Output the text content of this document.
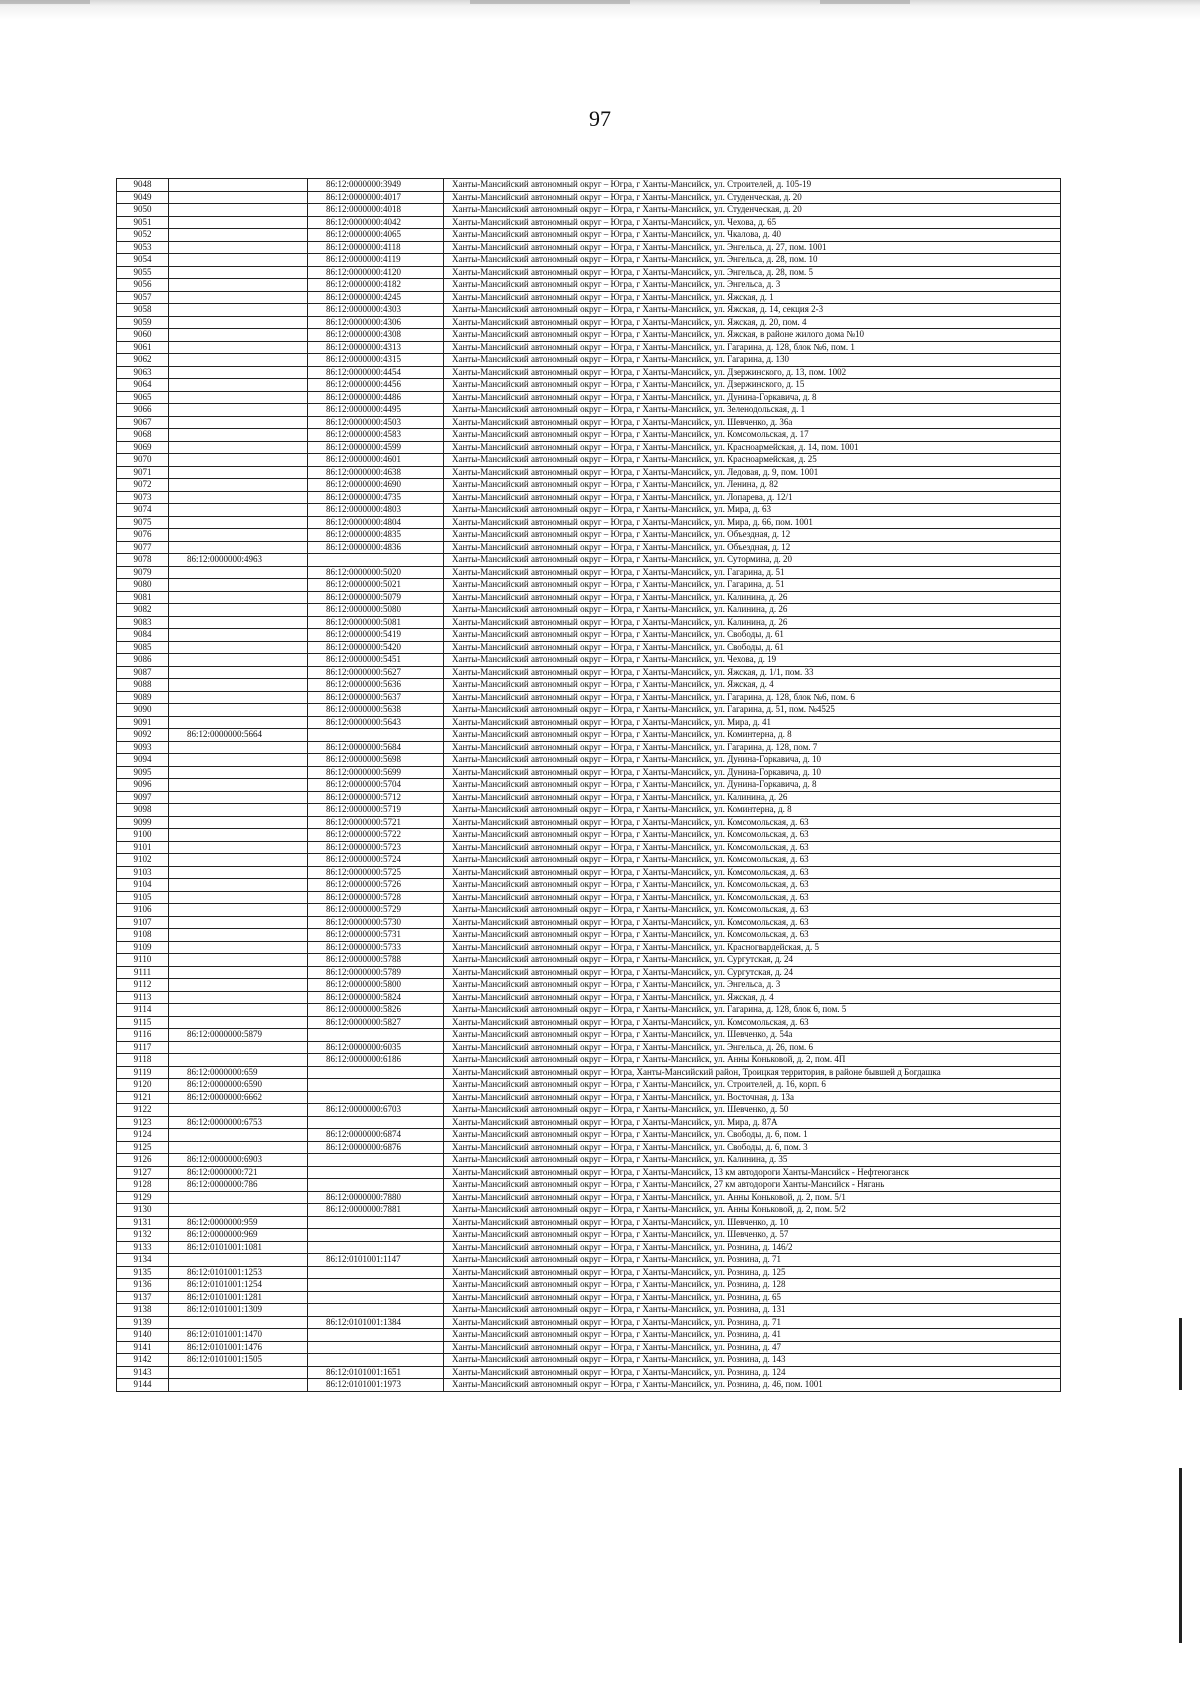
97
9048		86:12:0000000:3949	Ханты-Мансийский автономный округ – Югра, г Ханты-Мансийск, ул. Строителей, д. 105-19
9049		86:12:0000000:4017	Ханты-Мансийский автономный округ – Югра, г Ханты-Мансийск, ул. Студенческая, д. 20
9050		86:12:0000000:4018	Ханты-Мансийский автономный округ – Югра, г Ханты-Мансийск, ул. Студенческая, д. 20
9051		86:12:0000000:4042	Ханты-Мансийский автономный округ – Югра, г Ханты-Мансийск, ул. Чехова, д. 65
9052		86:12:0000000:4065	Ханты-Мансийский автономный округ – Югра, г Ханты-Мансийск, ул. Чкалова, д. 40
9053		86:12:0000000:4118	Ханты-Мансийский автономный округ – Югра, г Ханты-Мансийск, ул. Энгельса, д. 27, пом. 1001
9054		86:12:0000000:4119	Ханты-Мансийский автономный округ – Югра, г Ханты-Мансийск, ул. Энгельса, д. 28, пом. 10
9055		86:12:0000000:4120	Ханты-Мансийский автономный округ – Югра, г Ханты-Мансийск, ул. Энгельса, д. 28, пом. 5
9056		86:12:0000000:4182	Ханты-Мансийский автономный округ – Югра, г Ханты-Мансийск, ул. Энгельса, д. 3
9057		86:12:0000000:4245	Ханты-Мансийский автономный округ – Югра, г Ханты-Мансийск, ул. Яжская, д. 1
9058		86:12:0000000:4303	Ханты-Мансийский автономный округ – Югра, г Ханты-Мансийск, ул. Яжская, д. 14, секция 2-3
9059		86:12:0000000:4306	Ханты-Мансийский автономный округ – Югра, г Ханты-Мансийск, ул. Яжская, д. 20, пом. 4
9060		86:12:0000000:4308	Ханты-Мансийский автономный округ – Югра, г Ханты-Мансийск, ул. Яжская, в районе жилого дома №10
9061		86:12:0000000:4313	Ханты-Мансийский автономный округ – Югра, г Ханты-Мансийск, ул. Гагарина, д. 128, блок №6, пом. 1
9062		86:12:0000000:4315	Ханты-Мансийский автономный округ – Югра, г Ханты-Мансийск, ул. Гагарина, д. 130
9063		86:12:0000000:4454	Ханты-Мансийский автономный округ – Югра, г Ханты-Мансийск, ул. Дзержинского, д. 13, пом. 1002
9064		86:12:0000000:4456	Ханты-Мансийский автономный округ – Югра, г Ханты-Мансийск, ул. Дзержинского, д. 15
9065		86:12:0000000:4486	Ханты-Мансийский автономный округ – Югра, г Ханты-Мансийск, ул. Дунина-Горкавича, д. 8
9066		86:12:0000000:4495	Ханты-Мансийский автономный округ – Югра, г Ханты-Мансийск, ул. Зеленодольская, д. 1
9067		86:12:0000000:4503	Ханты-Мансийский автономный округ – Югра, г Ханты-Мансийск, ул. Шевченко, д. 36а
9068		86:12:0000000:4583	Ханты-Мансийский автономный округ – Югра, г Ханты-Мансийск, ул. Комсомольская, д. 17
9069		86:12:0000000:4599	Ханты-Мансийский автономный округ – Югра, г Ханты-Мансийск, ул. Красноармейская, д. 14, пом. 1001
9070		86:12:0000000:4601	Ханты-Мансийский автономный округ – Югра, г Ханты-Мансийск, ул. Красноармейская, д. 25
9071		86:12:0000000:4638	Ханты-Мансийский автономный округ – Югра, г Ханты-Мансийск, ул. Ледовая, д. 9, пом. 1001
9072		86:12:0000000:4690	Ханты-Мансийский автономный округ – Югра, г Ханты-Мансийск, ул. Ленина, д. 82
9073		86:12:0000000:4735	Ханты-Мансийский автономный округ – Югра, г Ханты-Мансийск, ул. Лопарева, д. 12/1
9074		86:12:0000000:4803	Ханты-Мансийский автономный округ – Югра, г Ханты-Мансийск, ул. Мира, д. 63
9075		86:12:0000000:4804	Ханты-Мансийский автономный округ – Югра, г Ханты-Мансийск, ул. Мира, д. 66, пом. 1001
9076		86:12:0000000:4835	Ханты-Мансийский автономный округ – Югра, г Ханты-Мансийск, ул. Объездная, д. 12
9077		86:12:0000000:4836	Ханты-Мансийский автономный округ – Югра, г Ханты-Мансийск, ул. Объездная, д. 12
9078	86:12:0000000:4963		Ханты-Мансийский автономный округ – Югра, г Ханты-Мансийск, ул. Сутормина, д. 20
9079		86:12:0000000:5020	Ханты-Мансийский автономный округ – Югра, г Ханты-Мансийск, ул. Гагарина, д. 51
9080		86:12:0000000:5021	Ханты-Мансийский автономный округ – Югра, г Ханты-Мансийск, ул. Гагарина, д. 51
9081		86:12:0000000:5079	Ханты-Мансийский автономный округ – Югра, г Ханты-Мансийск, ул. Калинина, д. 26
9082		86:12:0000000:5080	Ханты-Мансийский автономный округ – Югра, г Ханты-Мансийск, ул. Калинина, д. 26
9083		86:12:0000000:5081	Ханты-Мансийский автономный округ – Югра, г Ханты-Мансийск, ул. Калинина, д. 26
9084		86:12:0000000:5419	Ханты-Мансийский автономный округ – Югра, г Ханты-Мансийск, ул. Свободы, д. 61
9085		86:12:0000000:5420	Ханты-Мансийский автономный округ – Югра, г Ханты-Мансийск, ул. Свободы, д. 61
9086		86:12:0000000:5451	Ханты-Мансийский автономный округ – Югра, г Ханты-Мансийск, ул. Чехова, д. 19
9087		86:12:0000000:5627	Ханты-Мансийский автономный округ – Югра, г Ханты-Мансийск, ул. Яжская, д. 1/1, пом. 33
9088		86:12:0000000:5636	Ханты-Мансийский автономный округ – Югра, г Ханты-Мансийск, ул. Яжская, д. 4
9089		86:12:0000000:5637	Ханты-Мансийский автономный округ – Югра, г Ханты-Мансийск, ул. Гагарина, д. 128, блок №6, пом. 6
9090		86:12:0000000:5638	Ханты-Мансийский автономный округ – Югра, г Ханты-Мансийск, ул. Гагарина, д. 51, пом. №4525
9091		86:12:0000000:5643	Ханты-Мансийский автономный округ – Югра, г Ханты-Мансийск, ул. Мира, д. 41
9092	86:12:0000000:5664		Ханты-Мансийский автономный округ – Югра, г Ханты-Мансийск, ул. Коминтерна, д. 8
9093		86:12:0000000:5684	Ханты-Мансийский автономный округ – Югра, г Ханты-Мансийск, ул. Гагарина, д. 128, пом. 7
9094		86:12:0000000:5698	Ханты-Мансийский автономный округ – Югра, г Ханты-Мансийск, ул. Дунина-Горкавича, д. 10
9095		86:12:0000000:5699	Ханты-Мансийский автономный округ – Югра, г Ханты-Мансийск, ул. Дунина-Горкавича, д. 10
9096		86:12:0000000:5704	Ханты-Мансийский автономный округ – Югра, г Ханты-Мансийск, ул. Дунина-Горкавича, д. 8
9097		86:12:0000000:5712	Ханты-Мансийский автономный округ – Югра, г Ханты-Мансийск, ул. Калинина, д. 26
9098		86:12:0000000:5719	Ханты-Мансийский автономный округ – Югра, г Ханты-Мансийск, ул. Коминтерна, д. 8
9099		86:12:0000000:5721	Ханты-Мансийский автономный округ – Югра, г Ханты-Мансийск, ул. Комсомольская, д. 63
9100		86:12:0000000:5722	Ханты-Мансийский автономный округ – Югра, г Ханты-Мансийск, ул. Комсомольская, д. 63
9101		86:12:0000000:5723	Ханты-Мансийский автономный округ – Югра, г Ханты-Мансийск, ул. Комсомольская, д. 63
9102		86:12:0000000:5724	Ханты-Мансийский автономный округ – Югра, г Ханты-Мансийск, ул. Комсомольская, д. 63
9103		86:12:0000000:5725	Ханты-Мансийский автономный округ – Югра, г Ханты-Мансийск, ул. Комсомольская, д. 63
9104		86:12:0000000:5726	Ханты-Мансийский автономный округ – Югра, г Ханты-Мансийск, ул. Комсомольская, д. 63
9105		86:12:0000000:5728	Ханты-Мансийский автономный округ – Югра, г Ханты-Мансийск, ул. Комсомольская, д. 63
9106		86:12:0000000:5729	Ханты-Мансийский автономный округ – Югра, г Ханты-Мансийск, ул. Комсомольская, д. 63
9107		86:12:0000000:5730	Ханты-Мансийский автономный округ – Югра, г Ханты-Мансийск, ул. Комсомольская, д. 63
9108		86:12:0000000:5731	Ханты-Мансийский автономный округ – Югра, г Ханты-Мансийск, ул. Комсомольская, д. 63
9109		86:12:0000000:5733	Ханты-Мансийский автономный округ – Югра, г Ханты-Мансийск, ул. Красногвардейская, д. 5
9110		86:12:0000000:5788	Ханты-Мансийский автономный округ – Югра, г Ханты-Мансийск, ул. Сургутская, д. 24
9111		86:12:0000000:5789	Ханты-Мансийский автономный округ – Югра, г Ханты-Мансийск, ул. Сургутская, д. 24
9112		86:12:0000000:5800	Ханты-Мансийский автономный округ – Югра, г Ханты-Мансийск, ул. Энгельса, д. 3
9113		86:12:0000000:5824	Ханты-Мансийский автономный округ – Югра, г Ханты-Мансийск, ул. Яжская, д. 4
9114		86:12:0000000:5826	Ханты-Мансийский автономный округ – Югра, г Ханты-Мансийск, ул. Гагарина, д. 128, блок 6, пом. 5
9115		86:12:0000000:5827	Ханты-Мансийский автономный округ – Югра, г Ханты-Мансийск, ул. Комсомольская, д. 63
9116	86:12:0000000:5879		Ханты-Мансийский автономный округ – Югра, г Ханты-Мансийск, ул. Шевченко, д. 54а
9117		86:12:0000000:6035	Ханты-Мансийский автономный округ – Югра, г Ханты-Мансийск, ул. Энгельса, д. 26, пом. 6
9118		86:12:0000000:6186	Ханты-Мансийский автономный округ – Югра, г Ханты-Мансийск, ул. Анны Коньковой, д. 2, пом. 4П
9119	86:12:0000000:659		Ханты-Мансийский автономный округ – Югра, Ханты-Мансийский район, Троицкая территория, в районе бывшей д Богдашка
9120	86:12:0000000:6590		Ханты-Мансийский автономный округ – Югра, г Ханты-Мансийск, ул. Строителей, д. 16, корп. 6
9121	86:12:0000000:6662		Ханты-Мансийский автономный округ – Югра, г Ханты-Мансийск, ул. Восточная, д. 13а
9122		86:12:0000000:6703	Ханты-Мансийский автономный округ – Югра, г Ханты-Мансийск, ул. Шевченко, д. 50
9123	86:12:0000000:6753		Ханты-Мансийский автономный округ – Югра, г Ханты-Мансийск, ул. Мира, д. 87А
9124		86:12:0000000:6874	Ханты-Мансийский автономный округ – Югра, г Ханты-Мансийск, ул. Свободы, д. 6, пом. 1
9125		86:12:0000000:6876	Ханты-Мансийский автономный округ – Югра, г Ханты-Мансийск, ул. Свободы, д. 6, пом. 3
9126	86:12:0000000:6903		Ханты-Мансийский автономный округ – Югра, г Ханты-Мансийск, ул. Калинина, д. 35
9127	86:12:0000000:721		Ханты-Мансийский автономный округ – Югра, г Ханты-Мансийск, 13 км автодороги Ханты-Мансийск - Нефтеюганск
9128	86:12:0000000:786		Ханты-Мансийский автономный округ – Югра, г Ханты-Мансийск, 27 км автодороги Ханты-Мансийск - Нягань
9129		86:12:0000000:7880	Ханты-Мансийский автономный округ – Югра, г Ханты-Мансийск, ул. Анны Коньковой, д. 2, пом. 5/1
9130		86:12:0000000:7881	Ханты-Мансийский автономный округ – Югра, г Ханты-Мансийск, ул. Анны Коньковой, д. 2, пом. 5/2
9131	86:12:0000000:959		Ханты-Мансийский автономный округ – Югра, г Ханты-Мансийск, ул. Шевченко, д. 10
9132	86:12:0000000:969		Ханты-Мансийский автономный округ – Югра, г Ханты-Мансийск, ул. Шевченко, д. 57
9133	86:12:0101001:1081		Ханты-Мансийский автономный округ – Югра, г Ханты-Мансийск, ул. Рознина, д. 146/2
9134		86:12:0101001:1147	Ханты-Мансийский автономный округ – Югра, г Ханты-Мансийск, ул. Рознина, д. 71
9135	86:12:0101001:1253		Ханты-Мансийский автономный округ – Югра, г Ханты-Мансийск, ул. Рознина, д. 125
9136	86:12:0101001:1254		Ханты-Мансийский автономный округ – Югра, г Ханты-Мансийск, ул. Рознина, д. 128
9137	86:12:0101001:1281		Ханты-Мансийский автономный округ – Югра, г Ханты-Мансийск, ул. Рознина, д. 65
9138	86:12:0101001:1309		Ханты-Мансийский автономный округ – Югра, г Ханты-Мансийск, ул. Рознина, д. 131
9139		86:12:0101001:1384	Ханты-Мансийский автономный округ – Югра, г Ханты-Мансийск, ул. Рознина, д. 71
9140	86:12:0101001:1470		Ханты-Мансийский автономный округ – Югра, г Ханты-Мансийск, ул. Рознина, д. 41
9141	86:12:0101001:1476		Ханты-Мансийский автономный округ – Югра, г Ханты-Мансийск, ул. Рознина, д. 47
9142	86:12:0101001:1505		Ханты-Мансийский автономный округ – Югра, г Ханты-Мансийск, ул. Рознина, д. 143
9143		86:12:0101001:1651	Ханты-Мансийский автономный округ – Югра, г Ханты-Мансийск, ул. Рознина, д. 124
9144		86:12:0101001:1973	Ханты-Мансийский автономный округ – Югра, г Ханты-Мансийск, ул. Рознина, д. 46, пом. 1001
